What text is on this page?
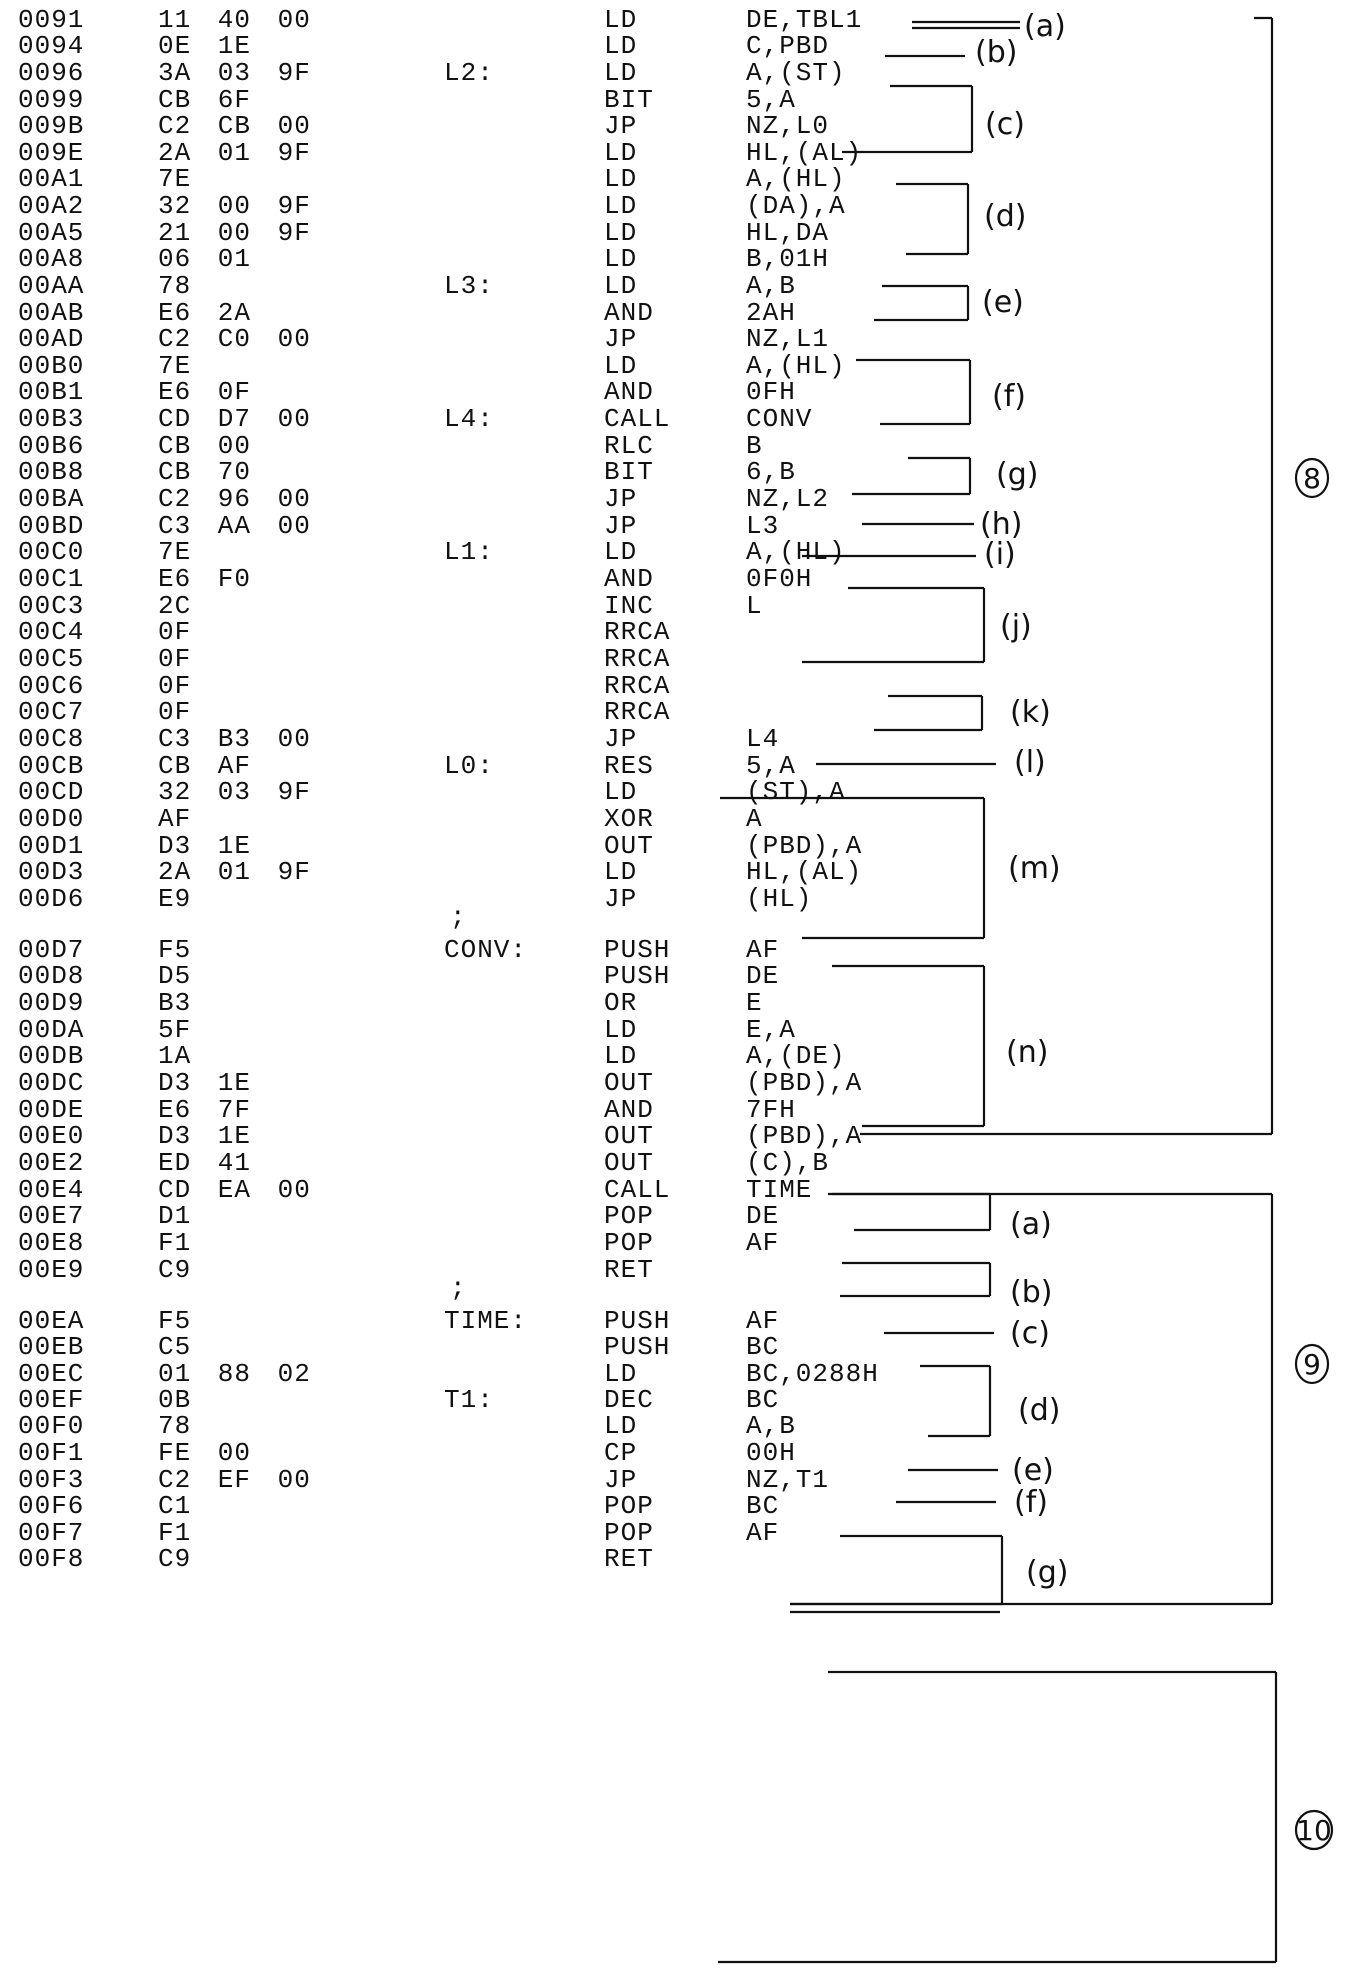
0091	11 40 00	LD	DE,TBL1
0094	0E 1E	LD	C,PBD
0096	3A 03 9F	L2:	LD	A,(ST)
0099	CB 6F	BIT	5,A
009B	C2 CB 00	JP	NZ,L0
009E	2A 01 9F	LD	HL,(AL)
00A1	7E	LD	A,(HL)
00A2	32 00 9F	LD	(DA),A
00A5	21 00 9F	LD	HL,DA
00A8	06 01	LD	B,01H
00AA	78	L3:	LD	A,B
00AB	E6 2A	AND	2AH
00AD	C2 C0 00	JP	NZ,L1
00B0	7E	LD	A,(HL)
00B1	E6 0F	AND	0FH
00B3	CD D7 00	L4:	CALL	CONV
00B6	CB 00	RLC	B
00B8	CB 70	BIT	6,B
00BA	C2 96 00	JP	NZ,L2
00BD	C3 AA 00	JP	L3
00C0	7E	L1:	LD	A,(HL)
00C1	E6 F0	AND	0F0H
00C3	2C	INC	L
00C4	0F	RRCA
00C5	0F	RRCA
00C6	0F	RRCA
00C7	0F	RRCA
00C8	C3 B3 00	JP	L4
00CB	CB AF	L0:	RES	5,A
00CD	32 03 9F	LD	(ST),A
00D0	AF	XOR	A
00D1	D3 1E	OUT	(PBD),A
00D3	2A 01 9F	LD	HL,(AL)
00D6	E9	JP	(HL)
;
00D7	F5	CONV:	PUSH	AF
00D8	D5	PUSH	DE
00D9	B3	OR	E
00DA	5F	LD	E,A
00DB	1A	LD	A,(DE)
00DC	D3 1E	OUT	(PBD),A
00DE	E6 7F	AND	7FH
00E0	D3 1E	OUT	(PBD),A
00E2	ED 41	OUT	(C),B
00E4	CD EA 00	CALL	TIME
00E7	D1	POP	DE
00E8	F1	POP	AF
00E9	C9	RET
;
00EA	F5	TIME:	PUSH	AF
00EB	C5	PUSH	BC
00EC	01 88 02	LD	BC,0288H
00EF	0B	T1:	DEC	BC
00F0	78	LD	A,B
00F1	FE 00	CP	00H
00F3	C2 EF 00	JP	NZ,T1
00F6	C1	POP	BC
00F7	F1	POP	AF
00F8	C9	RET
(a)
(b)
(c)
(d)
(e)
(f)
(g)
(h)
(i)
(j)
(k)
(l)
(m)
(n)
8
(a)
(b)
(c)
(d)
(e)
(f)
(g)
9
10
